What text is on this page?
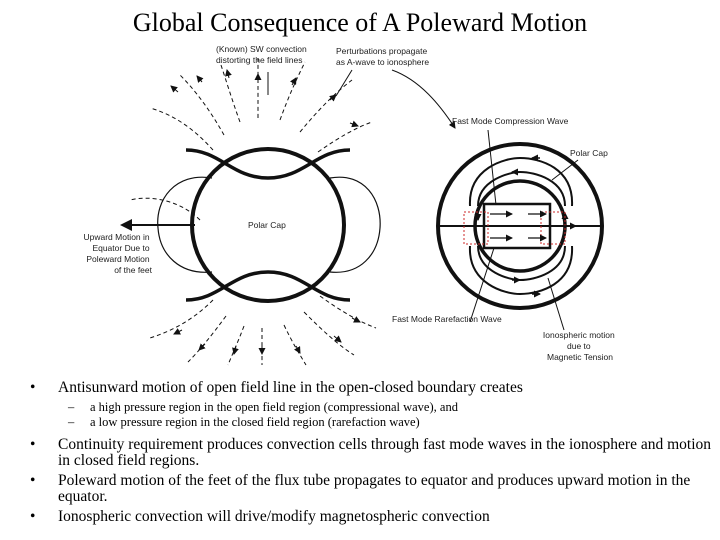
Global Consequence of A Poleward Motion
(Known) SW convection distorting the field lines
Perturbations propagate as A-wave to ionosphere
Fast Mode Compression Wave
Polar Cap
Polar Cap
Upward Motion in Equator Due to Poleward Motion of the feet
Fast Mode Rarefaction Wave
Ionospheric motion due to Magnetic Tension
•	Antisunward motion of open field line in the open-closed boundary creates
–	a high pressure region in the open field region (compressional wave), and
–	a low pressure region in the closed field region (rarefaction wave)
•	Continuity requirement produces convection cells through fast mode waves in the ionosphere and motion in closed field regions.
•	Poleward motion of the feet of the flux tube propagates to equator and produces upward motion in the equator.
•	Ionospheric convection will drive/modify magnetospheric convection
